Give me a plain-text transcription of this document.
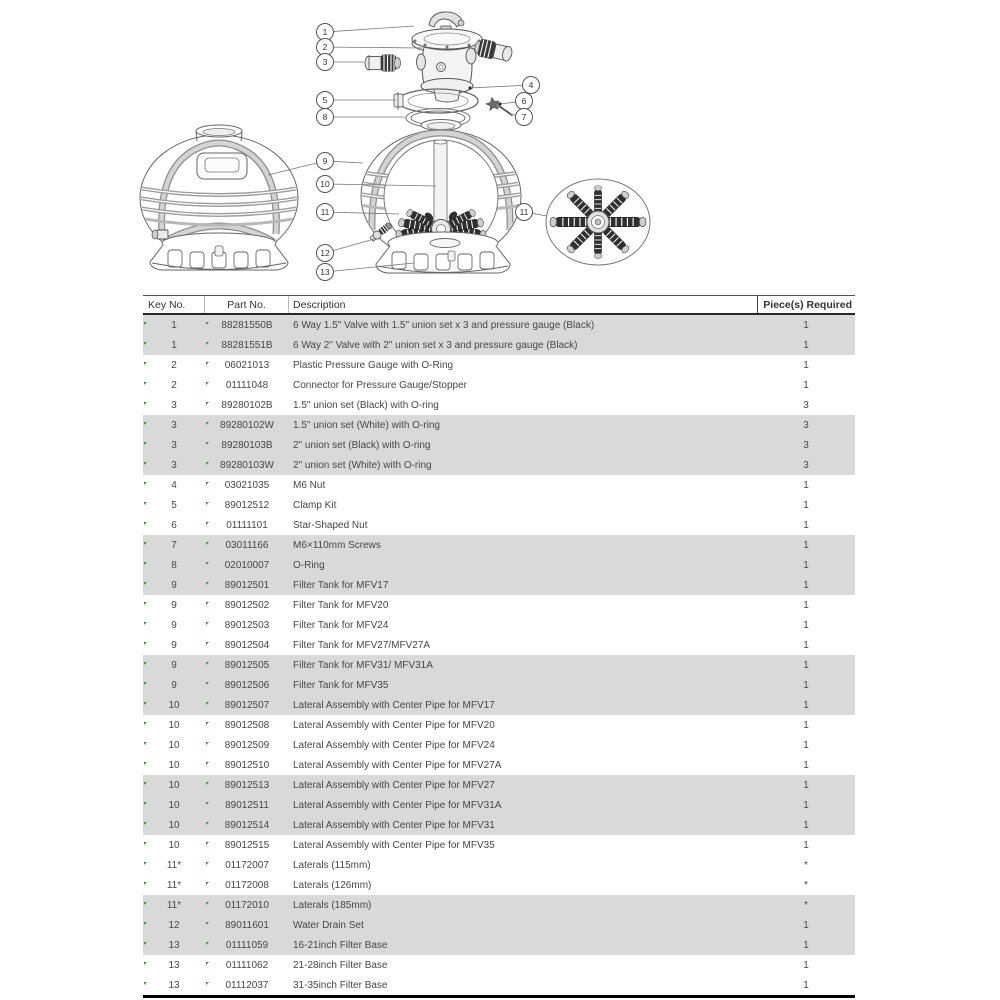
1
2
3
4
5	6
7
8
9
10
11	11
12
13
Key No.	Part No.	Description	Piece(s) Required
1	88281550B	6 Way 1.5" Valve with 1.5" union set x 3 and pressure gauge (Black)	1
1	88281551B	6 Way 2" Valve with 2" union set x 3 and pressure gauge (Black)	1
2	06021013	Plastic Pressure Gauge with O-Ring	1
2	01111048	Connector for Pressure Gauge/Stopper	1
3	89280102B	1.5" union set (Black) with O-ring	3
3	89280102W	1.5" union set (White) with O-ring	3
3	89280103B	2" union set (Black) with O-ring	3
3	89280103W	2" union set (White) with O-ring	3
4	03021035	M6 Nut	1
5	89012512	Clamp Kit	1
6	01111101	Star-Shaped Nut	1
7	03011166	M6×110mm Screws	1
8	02010007	O-Ring	1
9	89012501	Filter Tank for MFV17	1
9	89012502	Filter Tank for MFV20	1
9	89012503	Filter Tank for MFV24	1
9	89012504	Filter Tank for MFV27/MFV27A	1
9	89012505	Filter Tank for MFV31/ MFV31A	1
9	89012506	Filter Tank for MFV35	1
10	89012507	Lateral Assembly with Center Pipe for MFV17	1
10	89012508	Lateral Assembly with Center Pipe for MFV20	1
10	89012509	Lateral Assembly with Center Pipe for MFV24	1
10	89012510	Lateral Assembly with Center Pipe for MFV27A	1
10	89012513	Lateral Assembly with Center Pipe for MFV27	1
10	89012511	Lateral Assembly with Center Pipe for MFV31A	1
10	89012514	Lateral Assembly with Center Pipe for MFV31	1
10	89012515	Lateral Assembly with Center Pipe for MFV35	1
11*	01172007	Laterals (115mm)	*
11*	01172008	Laterals (126mm)	*
11*	01172010	Laterals (185mm)	*
12	89011601	Water Drain Set	1
13	01111059	16-21inch Filter Base	1
13	01111062	21-28inch Filter Base	1
13	01112037	31-35inch Filter Base	1
